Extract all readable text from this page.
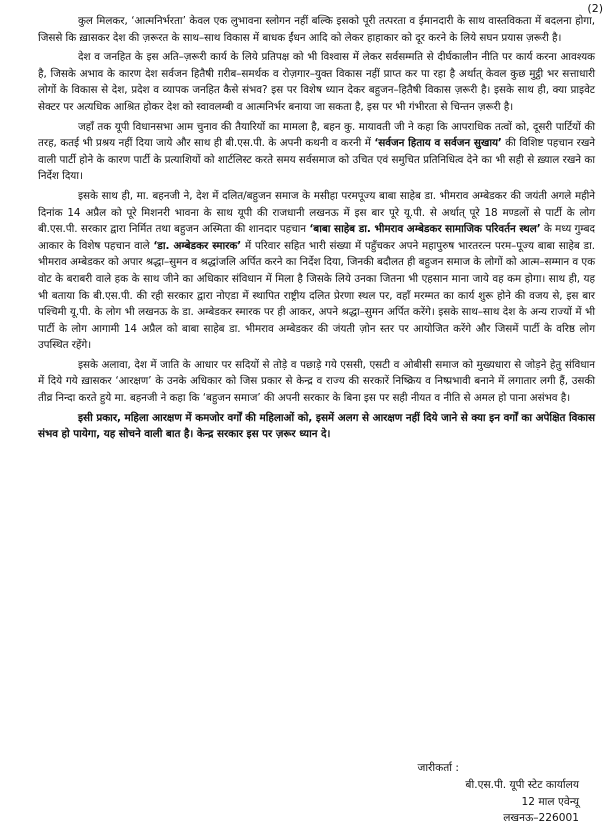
(2)

कुल मिलकर, ‘आत्मनिर्भरता’ केवल एक लुभावना स्लोगन नहीं बल्कि इसको पूरी तत्परता व ईमानदारी के साथ वास्तविकता में बदलना होगा, जिससे कि ख़ासकर देश की ज़रूरत के साथ–साथ विकास में बाधक ईंधन आदि को लेकर हाहाकार को दूर करने के लिये सघन प्रयास ज़रूरी है।

देश व जनहित के इस अति–ज़रूरी कार्य के लिये प्रतिपक्ष को भी विश्वास में लेकर सर्वसम्मति से दीर्घकालीन नीति पर कार्य करना आवश्यक है, जिसके अभाव के कारण देश सर्वजन हितैषी ग़रीब–समर्थक व रोज़गार–युक्त विकास नहीं प्राप्त कर पा रहा है अर्थात् केवल कुछ मुट्ठी भर सत्ताधारी लोगों के विकास से देश, प्रदेश व व्यापक जनहित कैसे संभव? इस पर विशेष ध्यान देकर बहुजन–हितैषी विकास ज़रूरी है। इसके साथ ही, क्या प्राइवेट सेक्टर पर अत्यधिक आश्रित होकर देश को स्वावलम्बी व आत्मनिर्भर बनाया जा सकता है, इस पर भी गंभीरता से चिन्तन ज़रूरी है।

जहाँ तक यूपी विधानसभा आम चुनाव की तैयारियों का मामला है, बहन कु. मायावती जी ने कहा कि आपराधिक तत्वों को, दूसरी पार्टियों की तरह, कतई भी प्रश्रय नहीं दिया जाये और साथ ही बी.एस.पी. के अपनी कथनी व करनी में ‘सर्वजन हिताय व सर्वजन सुखाय’ की विशिष्ट पहचान रखने वाली पार्टी होने के कारण पार्टी के प्रत्याशियों को शार्टलिस्ट करते समय सर्वसमाज को उचित एवं समुचित प्रतिनिधित्व देने का भी सही से ख़्याल रखने का निर्देश दिया।

इसके साथ ही, मा. बहनजी ने, देश में दलित/बहुजन समाज के मसीहा परमपूज्य बाबा साहेब डा. भीमराव अम्बेडकर की जयंती अगले महीने दिनांक 14 अप्रैल को पूरे मिशनरी भावना के साथ यूपी की राजधानी लखनऊ में इस बार पूरे यू.पी. से अर्थात् पूरे 18 मण्डलों से पार्टी के लोग बी.एस.पी. सरकार द्वारा निर्मित तथा बहुजन अस्मिता की शानदार पहचान ‘बाबा साहेब डा. भीमराव अम्बेडकर सामाजिक परिवर्तन स्थल’ के मध्य गुम्बद आकार के विशेष पहचान वाले ‘डा. अम्बेडकर स्मारक’ में परिवार सहित भारी संख्या में पहुँचकर अपने महापुरुष भारतरत्न परम–पूज्य बाबा साहेब डा. भीमराव अम्बेडकर को अपार श्रद्धा–सुमन व श्रद्धांजलि अर्पित करने का निर्देश दिया, जिनकी बदौलत ही बहुजन समाज के लोगों को आत्म–सम्मान व एक वोट के बराबरी वाले हक के साथ जीने का अधिकार संविधान में मिला है जिसके लिये उनका जितना भी एहसान माना जाये वह कम होगा। साथ ही, यह भी बताया कि बी.एस.पी. की रही सरकार द्वारा नोएडा में स्थापित राष्ट्रीय दलित प्रेरणा स्थल पर, वहाँ मरम्मत का कार्य शुरू होने की वजय से, इस बार पश्चिमी यू.पी. के लोग भी लखनऊ के डा. अम्बेडकर स्मारक पर ही आकर, अपने श्रद्धा–सुमन अर्पित करेंगे। इसके साथ–साथ देश के अन्य राज्यों में भी पार्टी के लोग आगामी 14 अप्रैल को बाबा साहेब डा. भीमराव अम्बेडकर की जंयती ज़ोन स्तर पर आयोजित करेंगे और जिसमें पार्टी के वरिष्ठ लोग उपस्थित रहेंगे।

इसके अलावा, देश में जाति के आधार पर सदियों से तोड़े व पछाड़े गये एससी, एसटी व ओबीसी समाज को मुख्यधारा से जोड़ने हेतु संविधान में दिये गये ख़ासकर ‘आरक्षण’ के उनके अधिकार को जिस प्रकार से केन्द्र व राज्य की सरकारें निष्क्रिय व निष्प्रभावी बनाने में लगातार लगी हैं, उसकी तीव्र निन्दा करते हुये मा. बहनजी ने कहा कि ‘बहुजन समाज’ की अपनी सरकार के बिना इस पर सही नीयत व नीति से अमल हो पाना असंभव है।

इसी प्रकार, महिला आरक्षण में कमजोर वर्गों की महिलाओं को, इसमें अलग से आरक्षण नहीं दिये जाने से क्या इन वर्गों का अपेक्षित विकास संभव हो पायेगा, यह सोचने वाली बात है। केन्द्र सरकार इस पर ज़रूर ध्यान दे।

जारीकर्ता :
बी.एस.पी. यूपी स्टेट कार्यालय
12 माल एवेन्यू
लखनऊ–226001
